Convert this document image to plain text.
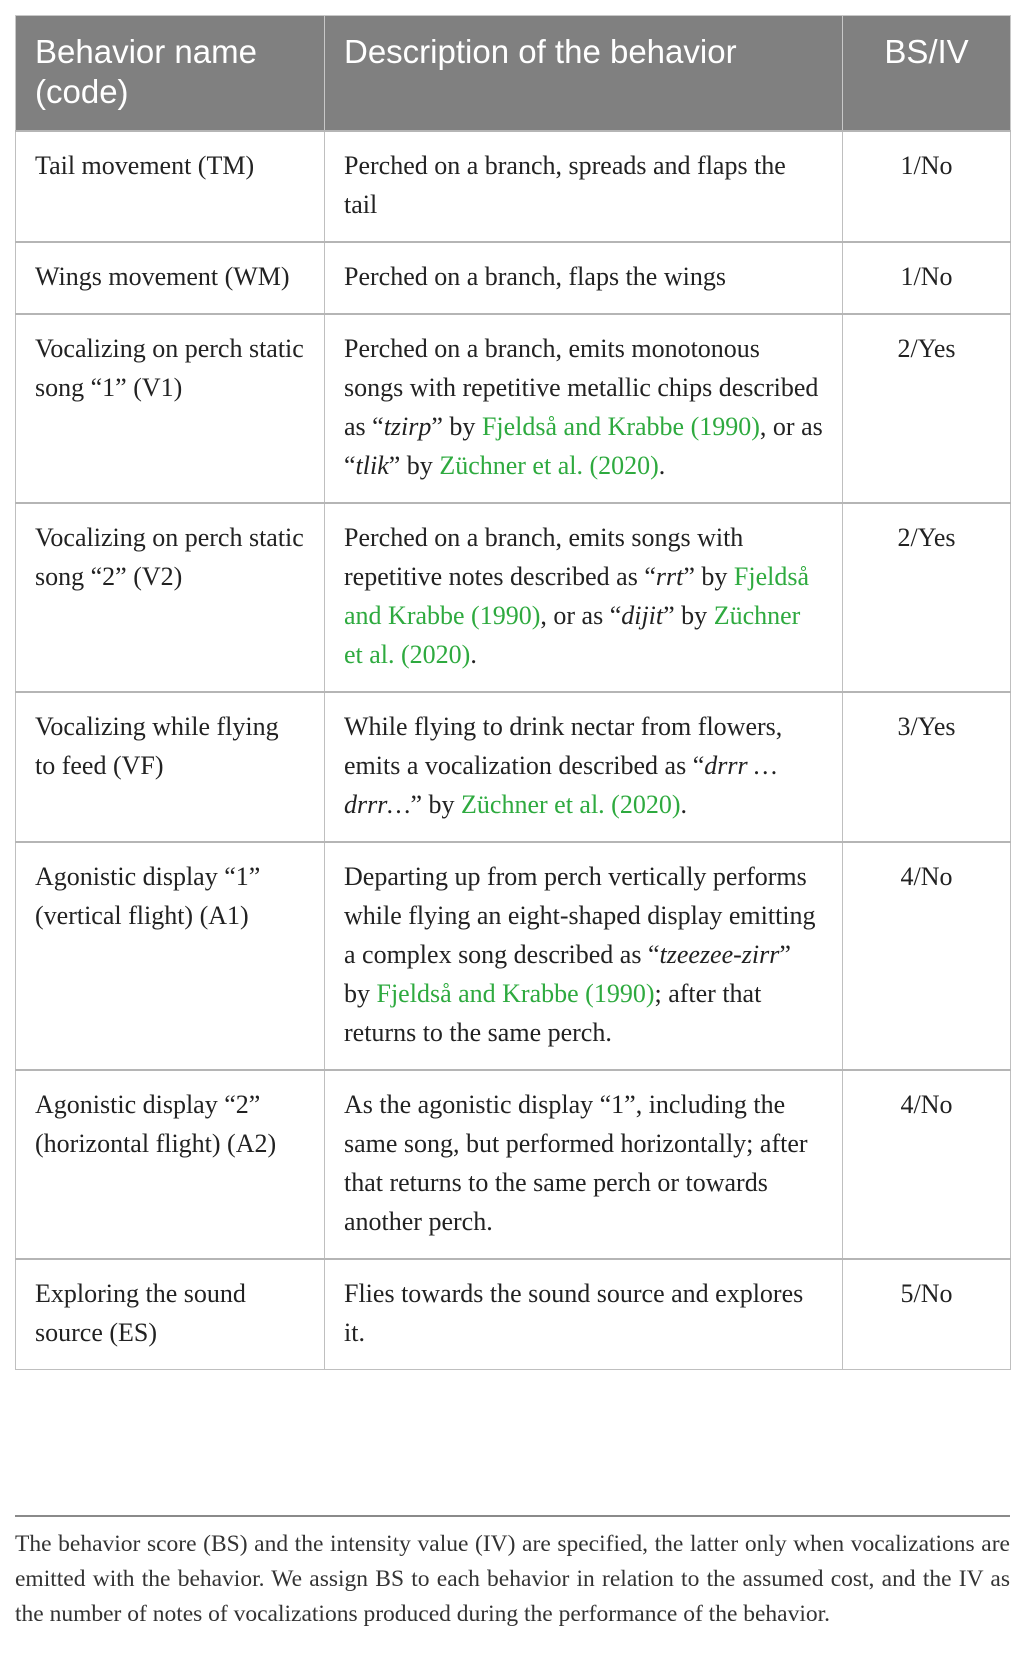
Behavior name (code)	Description of the behavior	BS/IV
Tail movement (TM)	Perched on a branch, spreads and flaps the tail	1/No
Wings movement (WM)	Perched on a branch, flaps the wings	1/No
Vocalizing on perch static song “1” (V1)	Perched on a branch, emits monotonous songs with repetitive metallic chips described as “tzirp” by Fjeldså and Krabbe (1990), or as “tlik” by Züchner et al. (2020).	2/Yes
Vocalizing on perch static song “2” (V2)	Perched on a branch, emits songs with repetitive notes described as “rrt” by Fjeldså and Krabbe (1990), or as “dijit” by Züchner et al. (2020).	2/Yes
Vocalizing while flying to feed (VF)	While flying to drink nectar from flowers, emits a vocalization described as “drrr … drrr…” by Züchner et al. (2020).	3/Yes
Agonistic display “1” (vertical flight) (A1)	Departing up from perch vertically performs while flying an eight-shaped display emitting a complex song described as “tzeezee-zirr” by Fjeldså and Krabbe (1990); after that returns to the same perch.	4/No
Agonistic display “2” (horizontal flight) (A2)	As the agonistic display “1”, including the same song, but performed horizontally; after that returns to the same perch or towards another perch.	4/No
Exploring the sound source (ES)	Flies towards the sound source and explores it.	5/No
The behavior score (BS) and the intensity value (IV) are specified, the latter only when vocalizations are emitted with the behavior. We assign BS to each behavior in relation to the assumed cost, and the IV as the number of notes of vocalizations produced during the performance of the behavior.
